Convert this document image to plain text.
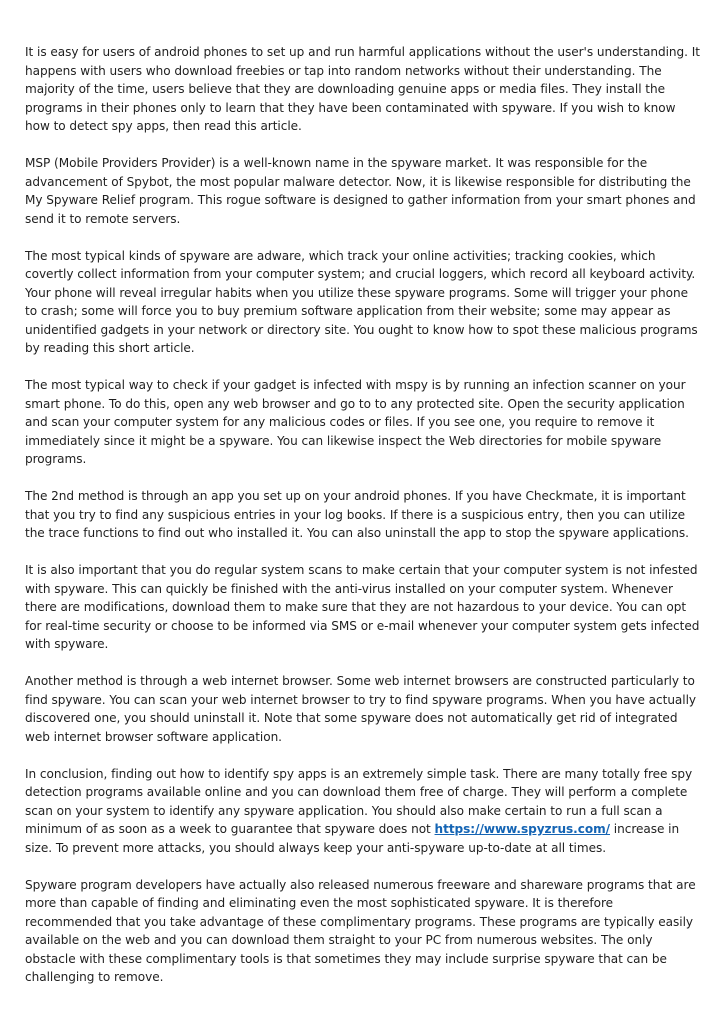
It is easy for users of android phones to set up and run harmful applications without the user's understanding. It happens with users who download freebies or tap into random networks without their understanding. The majority of the time, users believe that they are downloading genuine apps or media files. They install the programs in their phones only to learn that they have been contaminated with spyware. If you wish to know how to detect spy apps, then read this article.

MSP (Mobile Providers Provider) is a well-known name in the spyware market. It was responsible for the advancement of Spybot, the most popular malware detector. Now, it is likewise responsible for distributing the My Spyware Relief program. This rogue software is designed to gather information from your smart phones and send it to remote servers.

The most typical kinds of spyware are adware, which track your online activities; tracking cookies, which covertly collect information from your computer system; and crucial loggers, which record all keyboard activity. Your phone will reveal irregular habits when you utilize these spyware programs. Some will trigger your phone to crash; some will force you to buy premium software application from their website; some may appear as unidentified gadgets in your network or directory site. You ought to know how to spot these malicious programs by reading this short article.

The most typical way to check if your gadget is infected with mspy is by running an infection scanner on your smart phone. To do this, open any web browser and go to to any protected site. Open the security application and scan your computer system for any malicious codes or files. If you see one, you require to remove it immediately since it might be a spyware. You can likewise inspect the Web directories for mobile spyware programs.

The 2nd method is through an app you set up on your android phones. If you have Checkmate, it is important that you try to find any suspicious entries in your log books. If there is a suspicious entry, then you can utilize the trace functions to find out who installed it. You can also uninstall the app to stop the spyware applications.

It is also important that you do regular system scans to make certain that your computer system is not infested with spyware. This can quickly be finished with the anti-virus installed on your computer system. Whenever there are modifications, download them to make sure that they are not hazardous to your device. You can opt for real-time security or choose to be informed via SMS or e-mail whenever your computer system gets infected with spyware.

Another method is through a web internet browser. Some web internet browsers are constructed particularly to find spyware. You can scan your web internet browser to try to find spyware programs. When you have actually discovered one, you should uninstall it. Note that some spyware does not automatically get rid of integrated web internet browser software application.

In conclusion, finding out how to identify spy apps is an extremely simple task. There are many totally free spy detection programs available online and you can download them free of charge. They will perform a complete scan on your system to identify any spyware application. You should also make certain to run a full scan a minimum of as soon as a week to guarantee that spyware does not https://www.spyzrus.com/ increase in size. To prevent more attacks, you should always keep your anti-spyware up-to-date at all times.

Spyware program developers have actually also released numerous freeware and shareware programs that are more than capable of finding and eliminating even the most sophisticated spyware. It is therefore recommended that you take advantage of these complimentary programs. These programs are typically easily available on the web and you can download them straight to your PC from numerous websites. The only obstacle with these complimentary tools is that sometimes they may include surprise spyware that can be challenging to remove.
